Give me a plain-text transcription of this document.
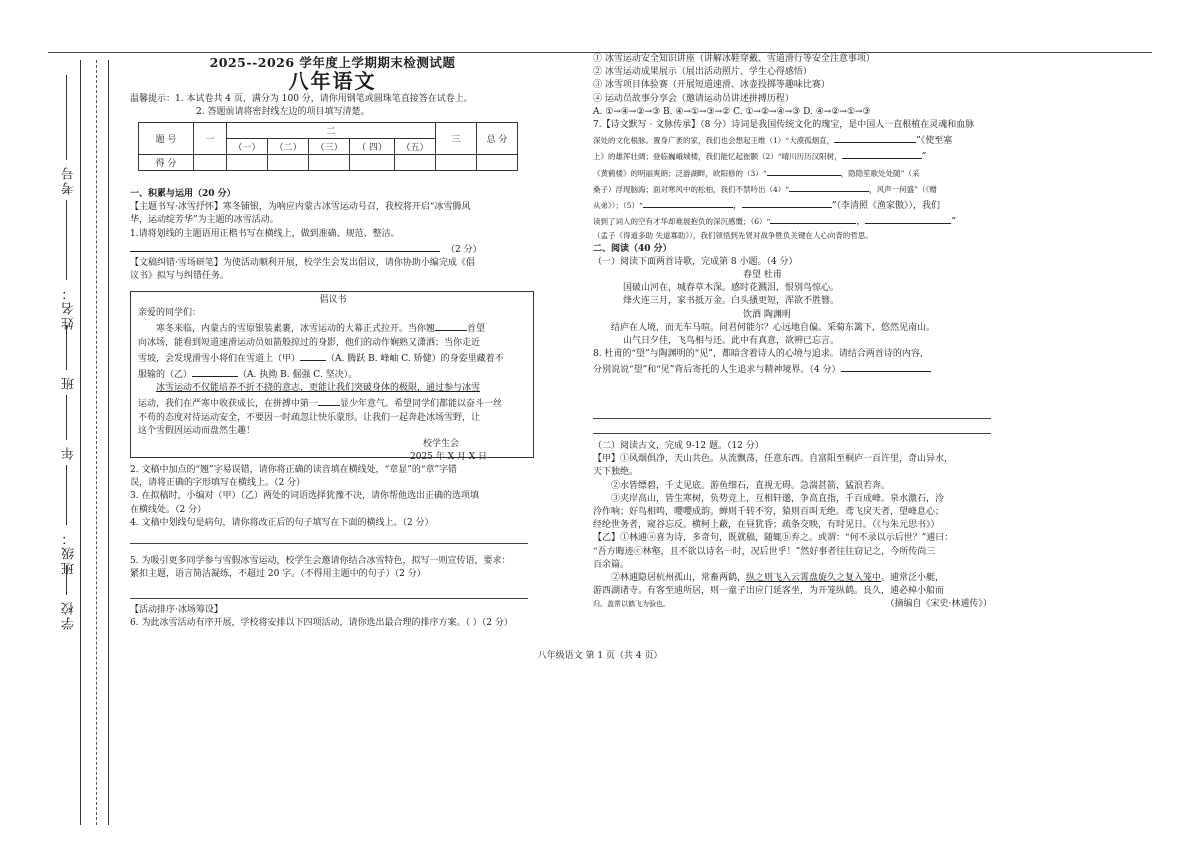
考号
姓名：
班
年
班级：
学校

2025--2026 学年度上学期期末检测试题

八年语文

温馨提示：1. 本试卷共 4 页，满分为 100 分，请你用钢笔或圆珠笔直接答在试卷上。

2. 答题前请将密封线左边的项目填写清楚。

题 号	一	二					三	总 分
		（一）	（二）	（三）	（ 四）	（五）		
得 分								

一、积累与运用（20 分）

【主题书写·冰雪抒怀】寒冬铺银，为响应内蒙古冰雪运动号召，我校将开启“冰雪腾风

华，运动绽芳华”为主题的冰雪活动。

1.请将划线的主题语用正楷书写在横线上，做到准确、规范、整洁。

（2 分）

【文稿纠错·雪场研笔】为使活动顺利开展，校学生会发出倡议，请你协助小编完成《倡

议书》拟写与纠错任务。

倡议书

亲爱的同学们：

寒冬来临，内蒙古的雪原银装素裹，冰雪运动的大幕正式拉开。当你翘	首望

向冰场，能看到短道速滑运动员如箭般掠过的身影，他们的动作娴熟又潇洒；当你走近

雪坡，会发现滑雪小将们在雪道上（甲）	（A. 腾跃 B. 峰岫 C. 矫健）的身姿里藏着不

服输的（乙）	（A. 执拗 B. 倔强 C. 坚决）。

冰雪运动不仅能培养不折不挠的意志，更能让我们突破身体的极限，通过参与冰雪

运动，我们在严寒中收获成长，在拼搏中第一 显少年意气。希望同学们都能以奋斗一丝

不苟的态度对待运动安全，不要因一时疏忽让快乐蒙形。让我们一起奔赴冰场雪野，让

这个雪假因运动而盘然生趣！

校学生会

2025 年 X 月 X 日

2. 文稿中加点的“翘”字易误错，请你将正确的读音填在横线处，“章显”的“章”字错

误，请将正确的字形填写在横线上。（2 分）

3. 在拟稿时，小编对（甲）（乙）两处的词语选择犹豫不决，请你帮他选出正确的选项填

在横线处。（2 分）

4. 文稿中划线句是病句，请你将改正后的句子填写在下面的横线上。（2 分）

5. 为吸引更多同学参与雪假冰雪运动，校学生会邀请你结合冰雪特色，拟写一则宣传语，要求：

紧扣主题，语言简洁凝练，不超过 20 字。（不得用主题中的句子）（2 分）

【活动排序·冰场筹设】

6. 为此冰雪活动有序开展，学校将安排以下四项活动，请你选出最合理的排序方案。（ ）（2 分）

① 冰雪运动安全知识讲座（讲解冰鞋穿戴、雪道滑行等安全注意事项）

② 冰雪运动成果展示（展出活动照片、学生心得感悟）

③ 冰雪项目体验赛（开展短道速滑、冰壶投掷等趣味比赛）

④ 运动员故事分享会（邀请运动员讲述拼搏历程）

A. ①→④→②→③ B. ④→①→③→② C. ①→②→④→③ D. ④→②→①→③

7.【诗文默写 · 文脉传承】（8 分）诗词是我国传统文化的瑰宝，是中国人一直根植在灵魂和血脉

深处的文化根脉。置身广袤的家，我们也会想起王维（1）“大漠孤烟直，	”《使至塞

上》的雄浑壮阔；登临巍峨城楼，我们能忆起崔颢（2）“晴川历历汉阳树，	”

《黄鹤楼》的明丽爽朗；泛游湖畔，欧阳修的（3）“	，隐隐笙歌处处随”（采

桑子）浮现脑海；面对寒风中的松柏，我们不禁吟出（4）“	，风声一何盛”（《赠

从弟》）；（5）“	，	”（李清照《渔家傲》），我们

读到了词人的空有才华却难展抱负的深沉感慨；（6）“	，	”

（孟子《得道多助 失道寡助》），我们领悟到先贤对战争胜负关键在人心向背的哲思。

二、阅读（40 分）

（一）阅读下面两首诗歌，完成第 8 小题。（4 分）

春望 杜甫

国破山河在，城春草木深。感时花溅泪，恨别鸟惊心。

烽火连三月，家书抵万金。白头搔更短，浑欲不胜簪。

饮酒 陶渊明

结庐在人境，而无车马喧。问君何能尔？心远地自偏。采菊东篱下，悠然见南山。

山气日夕佳，飞鸟相与还。此中有真意，欲辨已忘言。

8. 杜甫的“望”与陶渊明的“见”，都暗含着诗人的心境与追求。请结合两首诗的内容，

分别说说“望”和“见”背后寄托的人生追求与精神境界。（4 分）

（二）阅读古文，完成 9-12 题。（12 分）

【甲】①风烟俱净，天山共色。从流飘荡，任意东西。自富阳至桐庐一百许里，奇山异水，

天下独绝。

②水皆缥碧，千丈见底。游鱼细石，直视无碍。急湍甚箭，猛浪若奔。

③夹岸高山，皆生寒树，负势竞上，互相轩邈，争高直指，千百成峰。泉水激石，泠

泠作响；好鸟相鸣，嘤嘤成韵。蝉则千转不穷，猿则百叫无绝。鸢飞戾天者，望峰息心；

经纶世务者，窥谷忘反。横柯上蔽，在昼犹昏；疏条交映，有时见日。（《与朱元思书》）

【乙】①林逋ⓐ喜为诗，多奇句，既就稿，随辄ⓑ弃之。或谓：“何不录以示后世？”逋曰：

“吾方晦迹ⓒ林壑，且不欲以诗名一时，况后世乎！”然好事者往往窃记之，今所传尚三

百余篇。

②林逋隐居杭州孤山，常畜两鹤，纵之则飞入云霄盘旋久之复入笼中。逋常泛小艇，

游西湖诸寺。有客至逋所居，则一童子出应门延客坐，为开笼纵鹤。良久，逋必棹小船而

归。盖常以鹤飞为验也。	（摘编自《宋史·林逋传》）

八年级语文 第 1 页（共 4 页）
